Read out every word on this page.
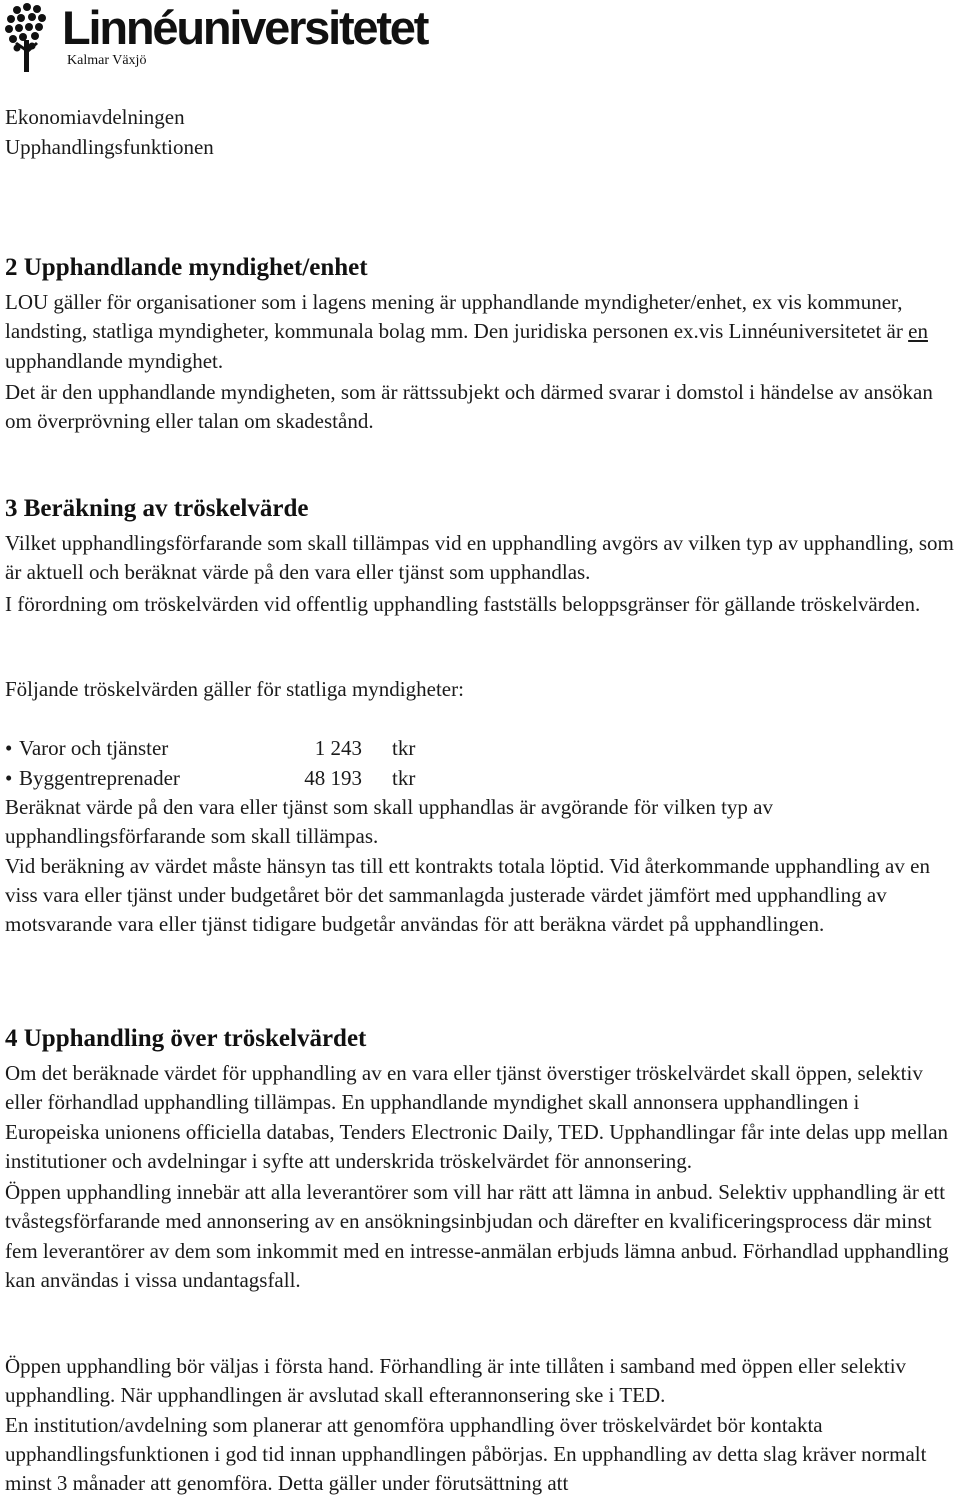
Linnéuniversitetet
Kalmar Växjö
Ekonomiavdelningen
Upphandlingsfunktionen
2 Upphandlande myndighet/enhet

LOU gäller för organisationer som i lagens mening är upphandlande myndigheter/enhet, ex vis kommuner, landsting, statliga myndigheter, kommunala bolag mm. Den juridiska personen ex.vis Linnéuniversitetet är en upphandlande myndighet.

Det är den upphandlande myndigheten, som är rättssubjekt och därmed svarar i domstol i händelse av ansökan om överprövning eller talan om skadestånd.

3 Beräkning av tröskelvärde

Vilket upphandlingsförfarande som skall tillämpas vid en upphandling avgörs av vilken typ av upphandling, som är aktuell och beräknat värde på den vara eller tjänst som upphandlas.

I förordning om tröskelvärden vid offentlig upphandling fastställs beloppsgränser för gällande tröskelvärden.

Följande tröskelvärden gäller för statliga myndigheter:

• Varor och tjänster	1 243 tkr
• Byggentreprenader	48 193 tkr

Beräknat värde på den vara eller tjänst som skall upphandlas är avgörande för vilken typ av upphandlingsförfarande som skall tillämpas.

Vid beräkning av värdet måste hänsyn tas till ett kontrakts totala löptid. Vid återkommande upphandling av en viss vara eller tjänst under budgetåret bör det sammanlagda justerade värdet jämfört med upphandling av motsvarande vara eller tjänst tidigare budgetår användas för att beräkna värdet på upphandlingen.

4 Upphandling över tröskelvärdet

Om det beräknade värdet för upphandling av en vara eller tjänst överstiger tröskelvärdet skall öppen, selektiv eller förhandlad upphandling tillämpas. En upphandlande myndighet skall annonsera upphandlingen i Europeiska unionens officiella databas, Tenders Electronic Daily, TED. Upphandlingar får inte delas upp mellan institutioner och avdelningar i syfte att underskrida tröskelvärdet för annonsering.

Öppen upphandling innebär att alla leverantörer som vill har rätt att lämna in anbud. Selektiv upphandling är ett tvåstegsförfarande med annonsering av en ansökningsinbjudan och därefter en kvalificeringsprocess där minst fem leverantörer av dem som inkommit med en intresse-anmälan erbjuds lämna anbud. Förhandlad upphandling kan användas i vissa undantagsfall.

Öppen upphandling bör väljas i första hand. Förhandling är inte tillåten i samband med öppen eller selektiv upphandling. När upphandlingen är avslutad skall efterannonsering ske i TED.

En institution/avdelning som planerar att genomföra upphandling över tröskelvärdet bör kontakta upphandlingsfunktionen i god tid innan upphandlingen påbörjas. En upphandling av detta slag kräver normalt minst 3 månader att genomföra. Detta gäller under förutsättning att
